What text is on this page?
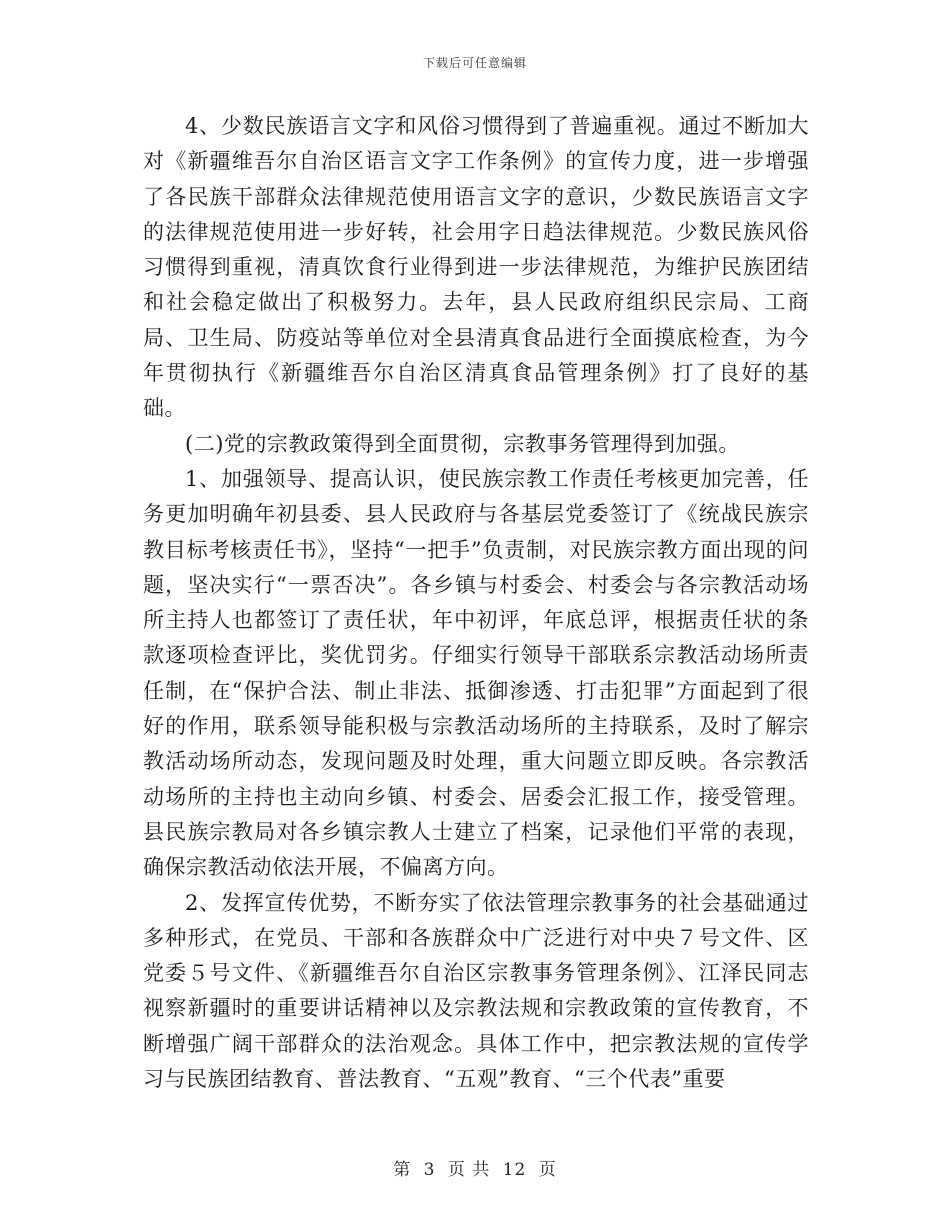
下载后可任意编辑

4、少数民族语言文字和风俗习惯得到了普遍重视。通过不断加大对《新疆维吾尔自治区语言文字工作条例》的宣传力度，进一步增强了各民族干部群众法律规范使用语言文字的意识，少数民族语言文字的法律规范使用进一步好转，社会用字日趋法律规范。少数民族风俗习惯得到重视，清真饮食行业得到进一步法律规范，为维护民族团结和社会稳定做出了积极努力。去年，县人民政府组织民宗局、工商局、卫生局、防疫站等单位对全县清真食品进行全面摸底检查，为今年贯彻执行《新疆维吾尔自治区清真食品管理条例》打了良好的基础。

(二)党的宗教政策得到全面贯彻，宗教事务管理得到加强。

1、加强领导、提高认识，使民族宗教工作责任考核更加完善，任务更加明确年初县委、县人民政府与各基层党委签订了《统战民族宗教目标考核责任书》，坚持“一把手”负责制，对民族宗教方面出现的问题，坚决实行“一票否决”。各乡镇与村委会、村委会与各宗教活动场所主持人也都签订了责任状，年中初评，年底总评，根据责任状的条款逐项检查评比，奖优罚劣。仔细实行领导干部联系宗教活动场所责任制，在“保护合法、制止非法、抵御渗透、打击犯罪”方面起到了很好的作用，联系领导能积极与宗教活动场所的主持联系，及时了解宗教活动场所动态，发现问题及时处理，重大问题立即反映。各宗教活动场所的主持也主动向乡镇、村委会、居委会汇报工作，接受管理。县民族宗教局对各乡镇宗教人士建立了档案，记录他们平常的表现，确保宗教活动依法开展，不偏离方向。

2、发挥宣传优势，不断夯实了依法管理宗教事务的社会基础通过多种形式，在党员、干部和各族群众中广泛进行对中央７号文件、区党委５号文件、《新疆维吾尔自治区宗教事务管理条例》、江泽民同志视察新疆时的重要讲话精神以及宗教法规和宗教政策的宣传教育，不断增强广阔干部群众的法治观念。具体工作中，把宗教法规的宣传学习与民族团结教育、普法教育、“五观”教育、“三个代表”重要

第 3 页 共 12 页
